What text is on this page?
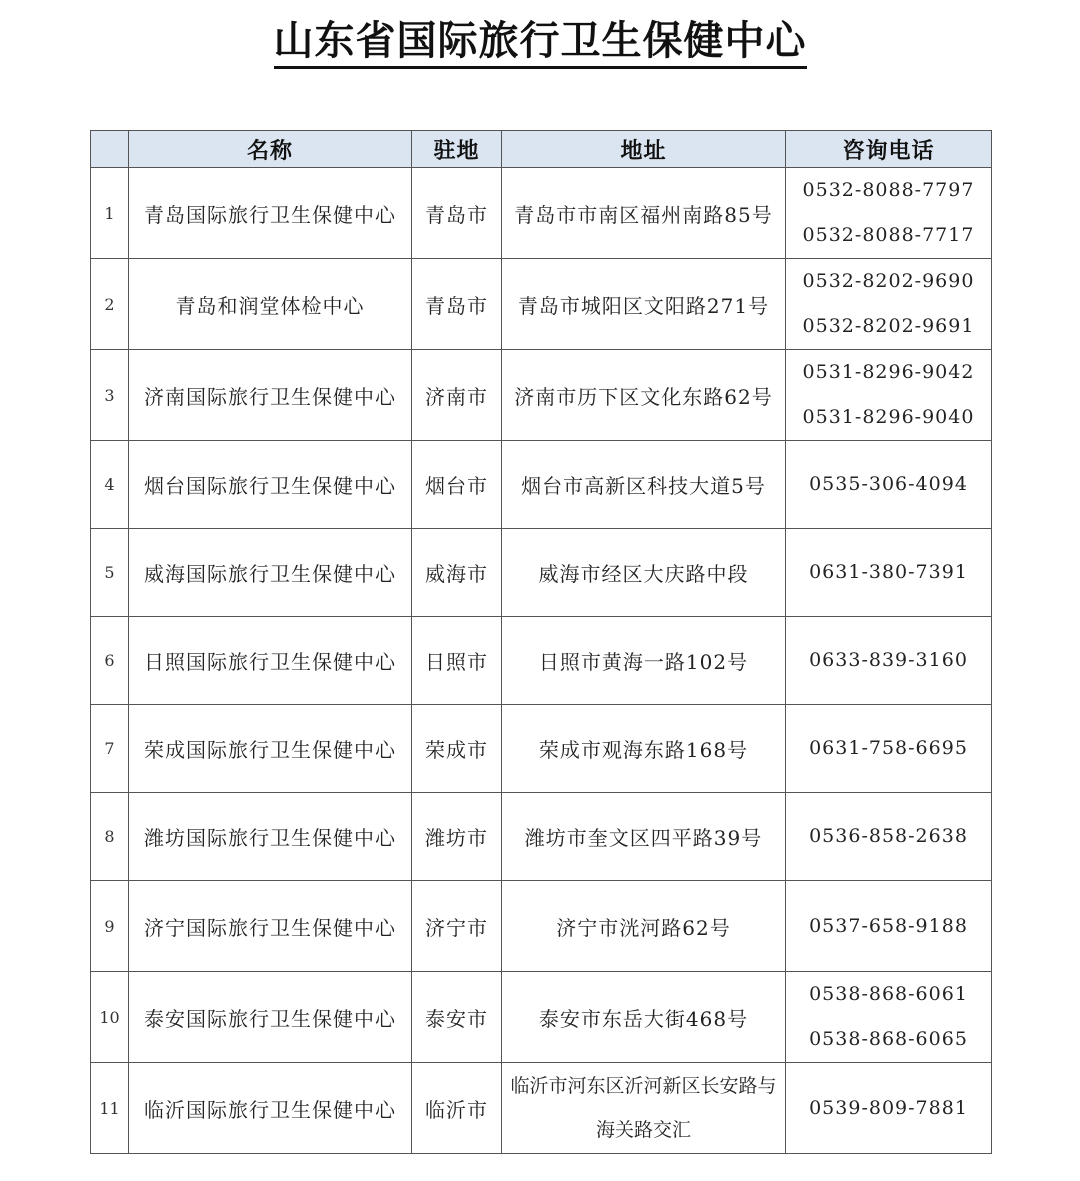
山东省国际旅行卫生保健中心
	名称	驻地	地址	咨询电话
1	青岛国际旅行卫生保健中心	青岛市	青岛市市南区福州南路85号	0532-8088-7797
0532-8088-7717

2	青岛和润堂体检中心	青岛市	青岛市城阳区文阳路271号	0532-8202-9690
0532-8202-9691

3	济南国际旅行卫生保健中心	济南市	济南市历下区文化东路62号	0531-8296-9042
0531-8296-9040

4	烟台国际旅行卫生保健中心	烟台市	烟台市高新区科技大道5号	0535-306-4094

5	威海国际旅行卫生保健中心	威海市	威海市经区大庆路中段	0631-380-7391

6	日照国际旅行卫生保健中心	日照市	日照市黄海一路102号	0633-839-3160

7	荣成国际旅行卫生保健中心	荣成市	荣成市观海东路168号	0631-758-6695

8	潍坊国际旅行卫生保健中心	潍坊市	潍坊市奎文区四平路39号	0536-858-2638

9	济宁国际旅行卫生保健中心	济宁市	济宁市洸河路62号	0537-658-9188

10	泰安国际旅行卫生保健中心	泰安市	泰安市东岳大街468号	0538-868-6061
0538-868-6065

11	临沂国际旅行卫生保健中心	临沂市	临沂市河东区沂河新区长安路与
海关路交汇	0539-809-7881
